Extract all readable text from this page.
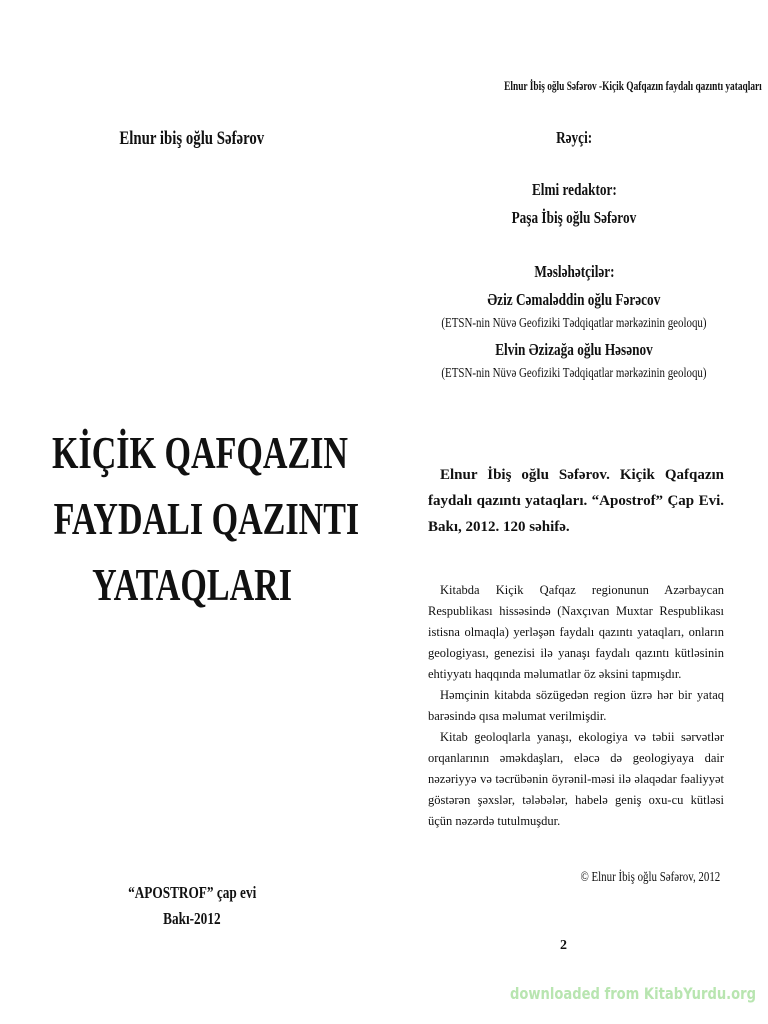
Elnur ibiş oğlu Səfərov
KİÇİK QAFQAZIN
FAYDALI QAZINTI
YATAQLARI
“APOSTROF” çap evi
Bakı-2012
Elnur İbiş oğlu Səfərov -Kiçik Qafqazın faydalı qazıntı yataqları
Rəyçi:
Elmi redaktor:
Paşa İbiş oğlu Səfərov
Məsləhətçilər:
Əziz Cəmaləddin oğlu Fərəcov
(ETSN-nin Nüvə Geofiziki Tədqiqatlar mərkəzinin geoloqu)
Elvin Əzizağa oğlu Həsənov
(ETSN-nin Nüvə Geofiziki Tədqiqatlar mərkəzinin geoloqu)
Elnur İbiş oğlu Səfərov. Kiçik Qafqazın faydalı qazıntı yataqları. “Apostrof” Çap Evi. Bakı, 2012. 120 səhifə.

Kitabda Kiçik Qafqaz regionunun Azərbaycan Respublikası hissəsində (Naxçıvan Muxtar Respublikası istisna olmaqla) yerləşən faydalı qazıntı yataqları, onların geologiyası, genezisi ilə yanaşı faydalı qazıntı kütləsinin ehtiyyatı haqqında məlumatlar öz əksini tapmışdır.

Həmçinin kitabda sözügedən region üzrə hər bir yataq barəsində qısa məlumat verilmişdir.

Kitab geoloqlarla yanaşı, ekologiya və təbii sərvətlər orqanlarının əməkdaşları, eləcə də geologiyaya dair nəzəriyyə və təcrübənin öyrənil-məsi ilə əlaqədar fəaliyyət göstərən şəxslər, tələbələr, habelə geniş oxu-cu kütləsi üçün nəzərdə tutulmuşdur.

© Elnur İbiş oğlu Səfərov, 2012
2
downloaded from KitabYurdu.org
